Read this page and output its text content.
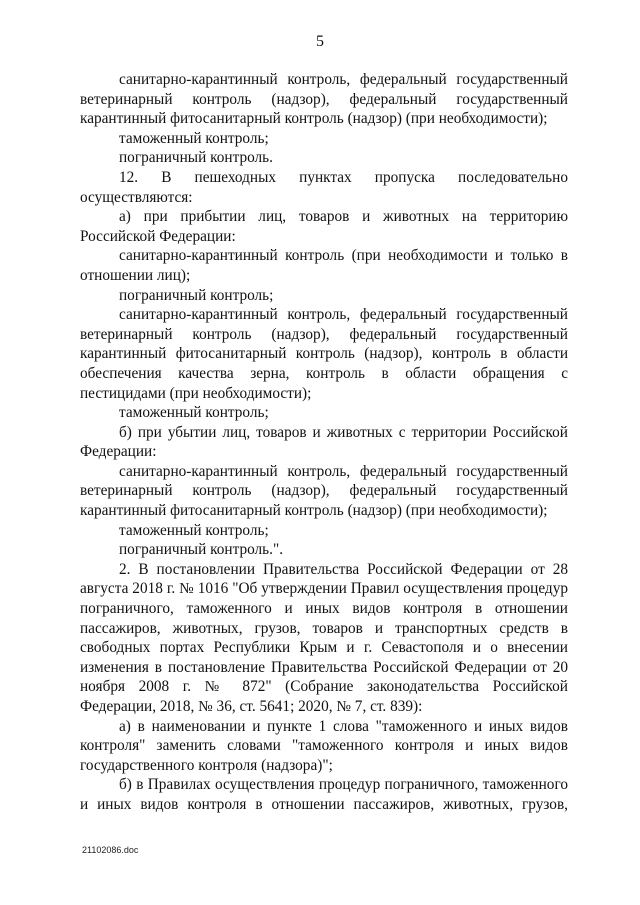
5

санитарно-карантинный контроль, федеральный государственный ветеринарный контроль (надзор), федеральный государственный карантинный фитосанитарный контроль (надзор) (при необходимости);

таможенный контроль;

пограничный контроль.

12. В пешеходных пунктах пропуска последовательно осуществляются:

а) при прибытии лиц, товаров и животных на территорию Российской Федерации:

санитарно-карантинный контроль (при необходимости и только в отношении лиц);

пограничный контроль;

санитарно-карантинный контроль, федеральный государственный ветеринарный контроль (надзор), федеральный государственный карантинный фитосанитарный контроль (надзор), контроль в области обеспечения качества зерна, контроль в области обращения с пестицидами (при необходимости);

таможенный контроль;

б) при убытии лиц, товаров и животных с территории Российской Федерации:

санитарно-карантинный контроль, федеральный государственный ветеринарный контроль (надзор), федеральный государственный карантинный фитосанитарный контроль (надзор) (при необходимости);

таможенный контроль;

пограничный контроль.".

2. В постановлении Правительства Российской Федерации от 28 августа 2018 г. № 1016 "Об утверждении Правил осуществления процедур пограничного, таможенного и иных видов контроля в отношении пассажиров, животных, грузов, товаров и транспортных средств в свободных портах Республики Крым и г. Севастополя и о внесении изменения в постановление Правительства Российской Федерации от 20 ноября 2008 г. № 872" (Собрание законодательства Российской Федерации, 2018, № 36, ст. 5641; 2020, № 7, ст. 839):

а) в наименовании и пункте 1 слова "таможенного и иных видов контроля" заменить словами "таможенного контроля и иных видов государственного контроля (надзора)";

б) в Правилах осуществления процедур пограничного, таможенного и иных видов контроля в отношении пассажиров, животных, грузов,

21102086.doc
